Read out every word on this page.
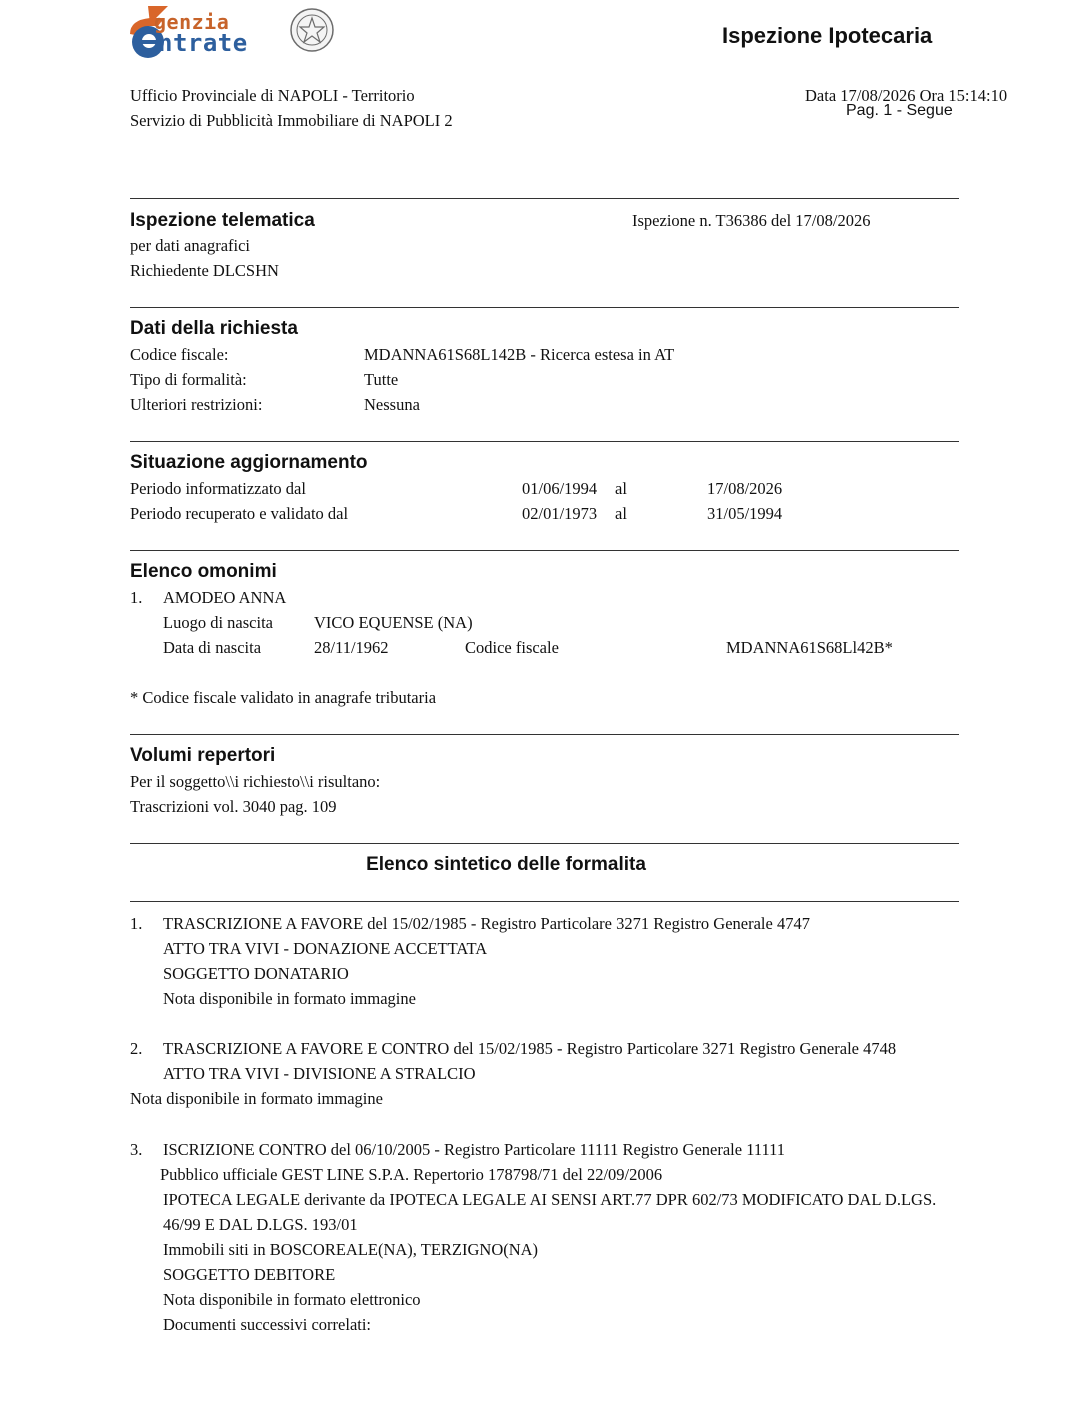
genzia
ntrate	Ispezione Ipotecaria
Ufficio Provinciale di NAPOLI - Territorio
Servizio di Pubblicità Immobiliare di NAPOLI 2
Data 17/08/2026 Ora 15:14:10
Pag. 1 - Segue
Ispezione telematica	Ispezione n. T36386 del 17/08/2026
per dati anagrafici
Richiedente DLCSHN
Dati della richiesta
Codice fiscale:	MDANNA61S68L142B - Ricerca estesa in AT
Tipo di formalità:	Tutte
Ulteriori restrizioni:	Nessuna
Situazione aggiornamento
Periodo informatizzato dal	01/06/1994 al	17/08/2026
Periodo recuperato e validato dal	02/01/1973 al	31/05/1994
Elenco omonimi
1. AMODEO ANNA
Luogo di nascita VICO EQUENSE (NA)
Data di nascita	28/11/1962	Codice fiscale	MDANNA61S68Ll42B*
* Codice fiscale validato in anagrafe tributaria
Volumi repertori
Per il soggetto\\i richiesto\\i risultano:
Trascrizioni vol. 3040 pag. 109
Elenco sintetico delle formalita
1. TRASCRIZIONE A FAVORE del 15/02/1985 - Registro Particolare 3271 Registro Generale 4747
ATTO TRA VIVI - DONAZIONE ACCETTATA
SOGGETTO DONATARIO
Nota disponibile in formato immagine
2. TRASCRIZIONE A FAVORE E CONTRO del 15/02/1985 - Registro Particolare 3271 Registro Generale 4748
ATTO TRA VIVI - DIVISIONE A STRALCIO
Nota disponibile in formato immagine
3. ISCRIZIONE CONTRO del 06/10/2005 - Registro Particolare 11111 Registro Generale 11111
Pubblico ufficiale GEST LINE S.P.A. Repertorio 178798/71 del 22/09/2006
IPOTECA LEGALE derivante da IPOTECA LEGALE AI SENSI ART.77 DPR 602/73 MODIFICATO DAL D.LGS.
46/99 E DAL D.LGS. 193/01
Immobili siti in BOSCOREALE(NA), TERZIGNO(NA)
SOGGETTO DEBITORE
Nota disponibile in formato elettronico
Documenti successivi correlati:
